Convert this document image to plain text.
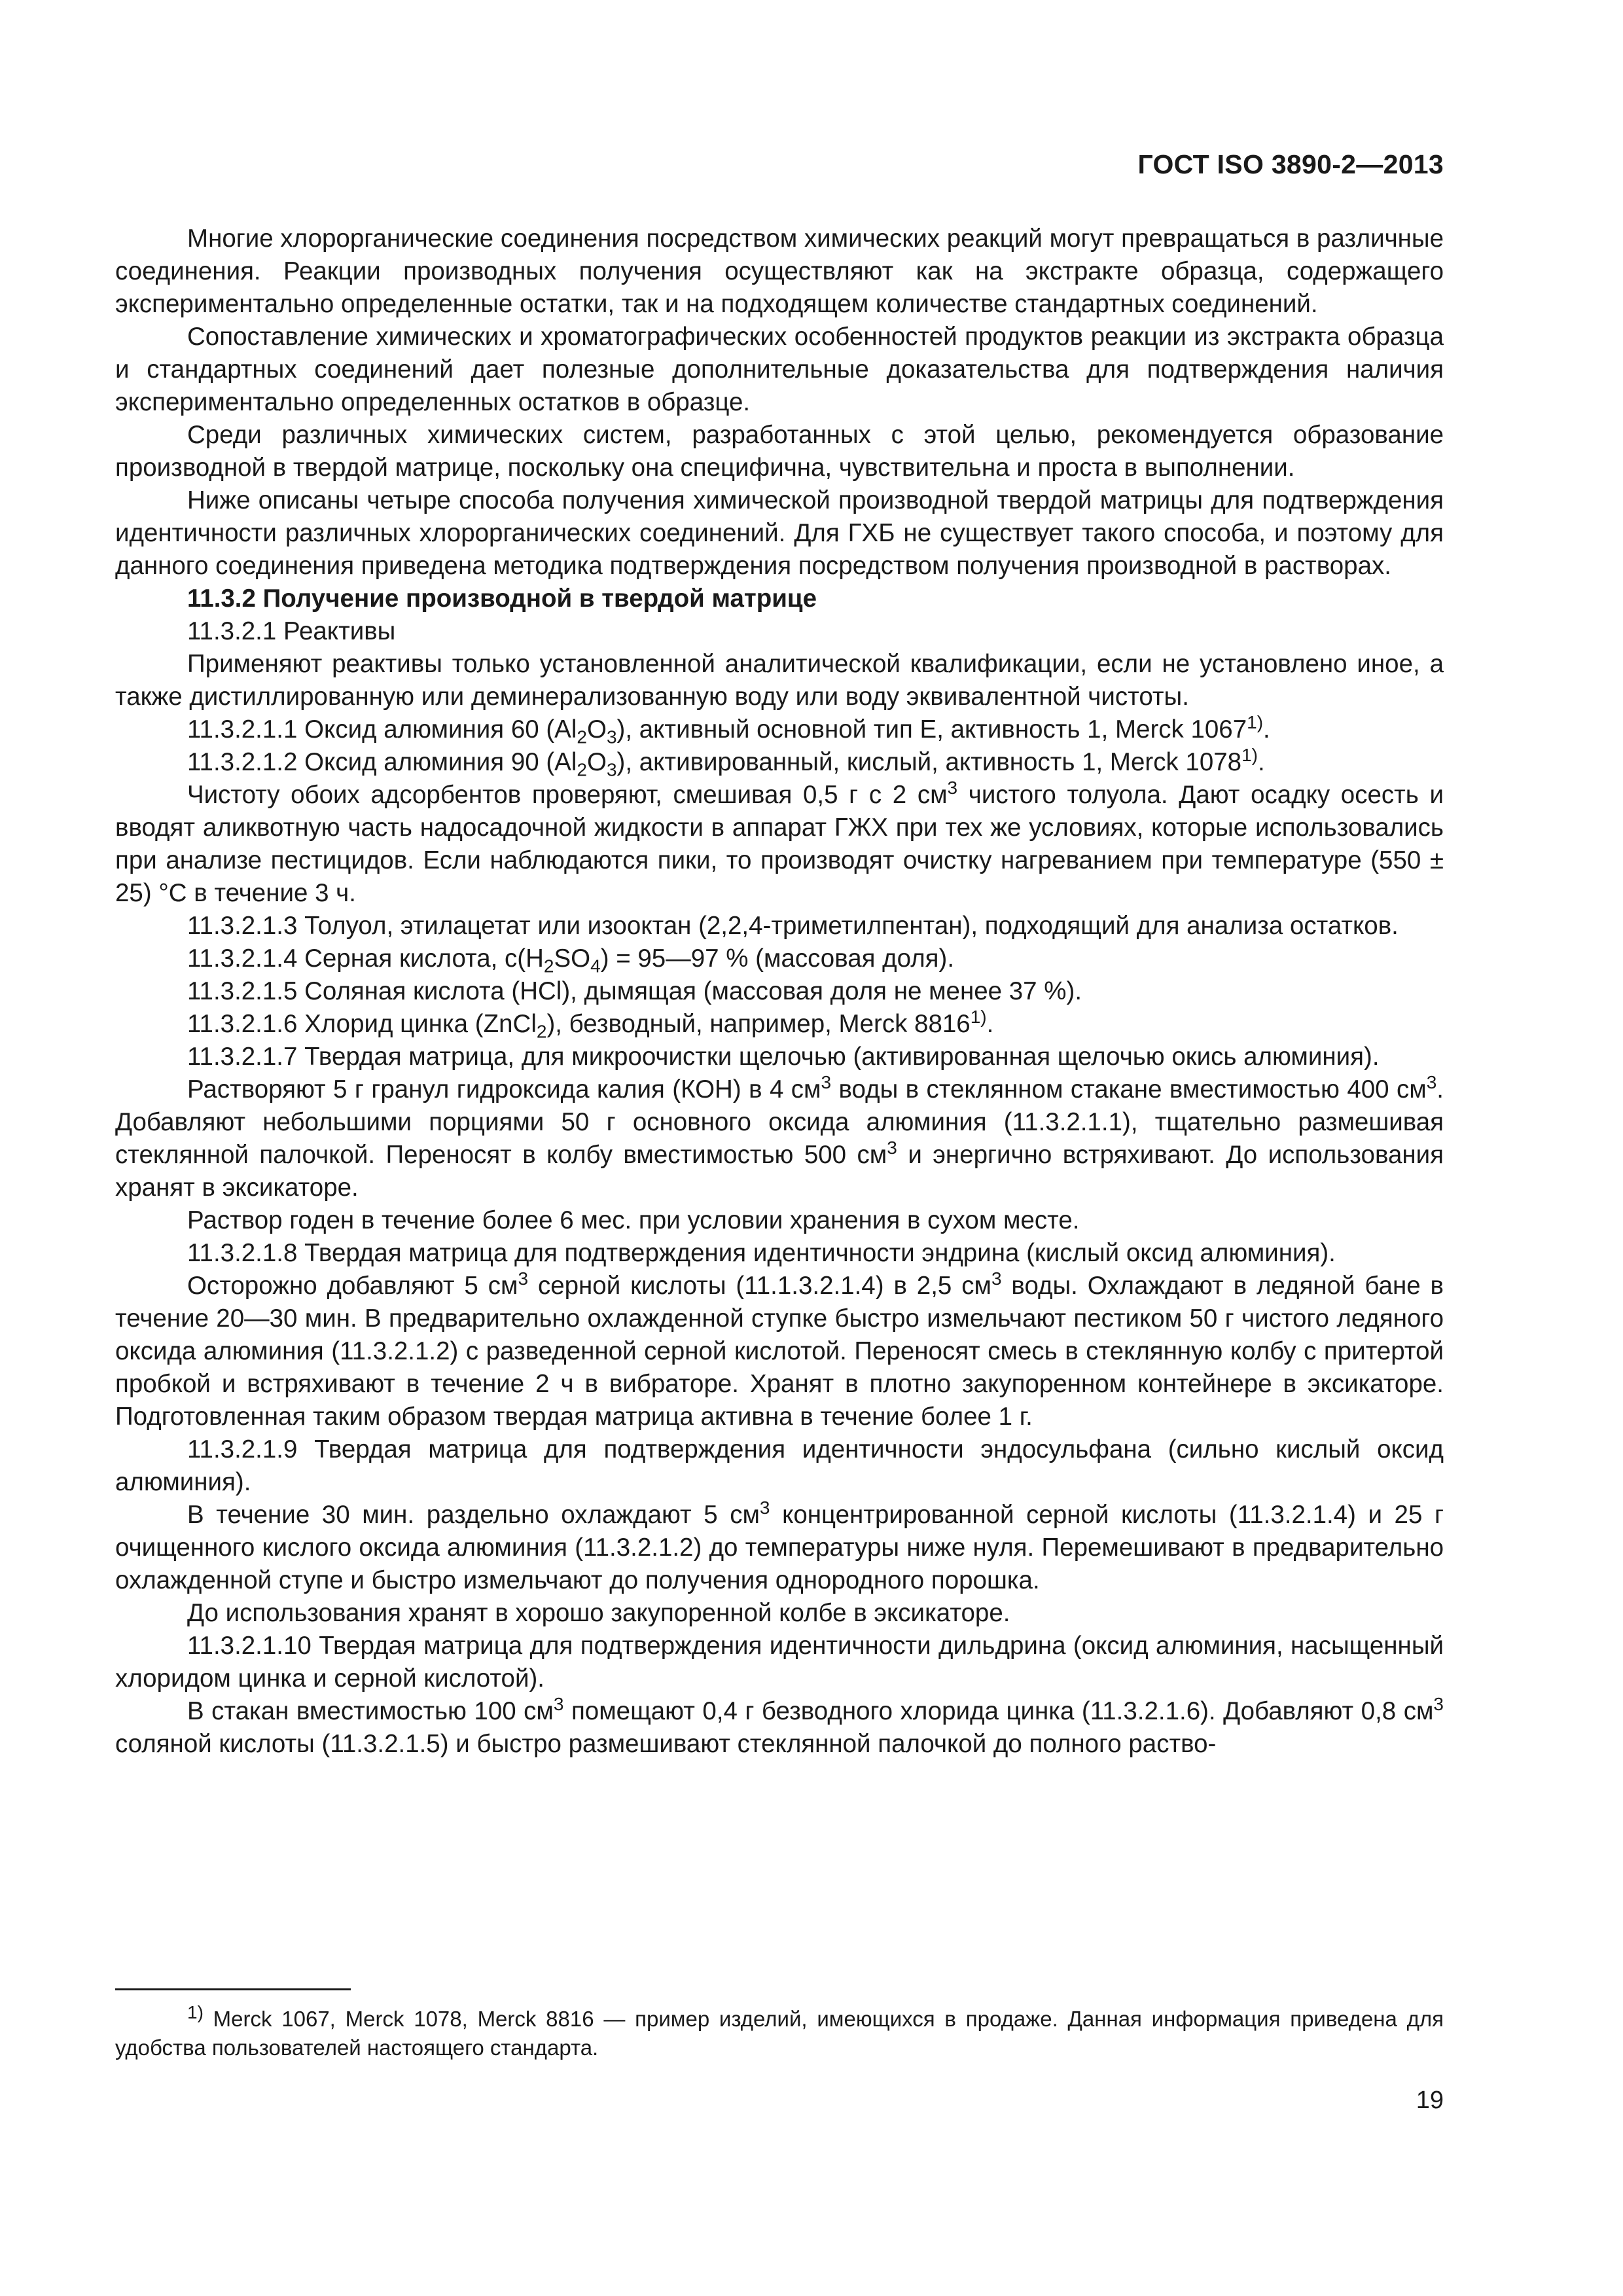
ГОСТ ISO 3890-2—2013

Многие хлорорганические соединения посредством химических реакций могут превращаться в различные соединения. Реакции производных получения осуществляют как на экстракте образца, содержащего экспериментально определенные остатки, так и на подходящем количестве стандартных соединений.

Сопоставление химических и хроматографических особенностей продуктов реакции из экстракта образца и стандартных соединений дает полезные дополнительные доказательства для подтверждения наличия экспериментально определенных остатков в образце.

Среди различных химических систем, разработанных с этой целью, рекомендуется образование производной в твердой матрице, поскольку она специфична, чувствительна и проста в выполнении.

Ниже описаны четыре способа получения химической производной твердой матрицы для подтверждения идентичности различных хлорорганических соединений. Для ГХБ не существует такого способа, и поэтому для данного соединения приведена методика подтверждения посредством получения производной в растворах.

11.3.2 Получение производной в твердой матрице

11.3.2.1 Реактивы

Применяют реактивы только установленной аналитической квалификации, если не установлено иное, а также дистиллированную или деминерализованную воду или воду эквивалентной чистоты.

11.3.2.1.1 Оксид алюминия 60 $(Al_2O_3)$, активный основной тип Е, активность 1, Merck 1067$^{1)}$.

11.3.2.1.2 Оксид алюминия 90 $(Al_2O_3)$, активированный, кислый, активность 1, Merck 1078$^{1)}$.

Чистоту обоих адсорбентов проверяют, смешивая 0,5 г с 2 $см^3$ чистого толуола. Дают осадку осесть и вводят аликвотную часть надосадочной жидкости в аппарат ГЖХ при тех же условиях, которые использовались при анализе пестицидов. Если наблюдаются пики, то производят очистку нагреванием при температуре (550 ± 25) °С в течение 3 ч.

11.3.2.1.3 Толуол, этилацетат или изооктан (2,2,4-триметилпентан), подходящий для анализа остатков.

11.3.2.1.4 Серная кислота, $с(H_2SO_4)$ = 95—97 % (массовая доля).

11.3.2.1.5 Соляная кислота (HCl), дымящая (массовая доля не менее 37 %).

11.3.2.1.6 Хлорид цинка (ZnCl$_2$), безводный, например, Merck 8816$^{1)}$.

11.3.2.1.7 Твердая матрица, для микроочистки щелочью (активированная щелочью окись алюминия).

Растворяют 5 г гранул гидроксида калия (КОН) в 4 $см^3$ воды в стеклянном стакане вместимостью 400 $см^3$. Добавляют небольшими порциями 50 г основного оксида алюминия (11.3.2.1.1), тщательно размешивая стеклянной палочкой. Переносят в колбу вместимостью 500 $см^3$ и энергично встряхивают. До использования хранят в эксикаторе.

Раствор годен в течение более 6 мес. при условии хранения в сухом месте.

11.3.2.1.8 Твердая матрица для подтверждения идентичности эндрина (кислый оксид алюминия).

Осторожно добавляют 5 $см^3$ серной кислоты (11.1.3.2.1.4) в 2,5 $см^3$ воды. Охлаждают в ледяной бане в течение 20—30 мин. В предварительно охлажденной ступке быстро измельчают пестиком 50 г чистого ледяного оксида алюминия (11.3.2.1.2) с разведенной серной кислотой. Переносят смесь в стеклянную колбу с притертой пробкой и встряхивают в течение 2 ч в вибраторе. Хранят в плотно закупоренном контейнере в эксикаторе. Подготовленная таким образом твердая матрица активна в течение более 1 г.

11.3.2.1.9 Твердая матрица для подтверждения идентичности эндосульфана (сильно кислый оксид алюминия).

В течение 30 мин. раздельно охлаждают 5 $см^3$ концентрированной серной кислоты (11.3.2.1.4) и 25 г очищенного кислого оксида алюминия (11.3.2.1.2) до температуры ниже нуля. Перемешивают в предварительно охлажденной ступе и быстро измельчают до получения однородного порошка.

До использования хранят в хорошо закупоренной колбе в эксикаторе.

11.3.2.1.10 Твердая матрица для подтверждения идентичности дильдрина (оксид алюминия, насыщенный хлоридом цинка и серной кислотой).

В стакан вместимостью 100 $см^3$ помещают 0,4 г безводного хлорида цинка (11.3.2.1.6). Добавляют 0,8 $см^3$ соляной кислоты (11.3.2.1.5) и быстро размешивают стеклянной палочкой до полного раство-

$^{1)}$ Merck 1067, Merck 1078, Merck 8816 — пример изделий, имеющихся в продаже. Данная информация приведена для удобства пользователей настоящего стандарта.
19
